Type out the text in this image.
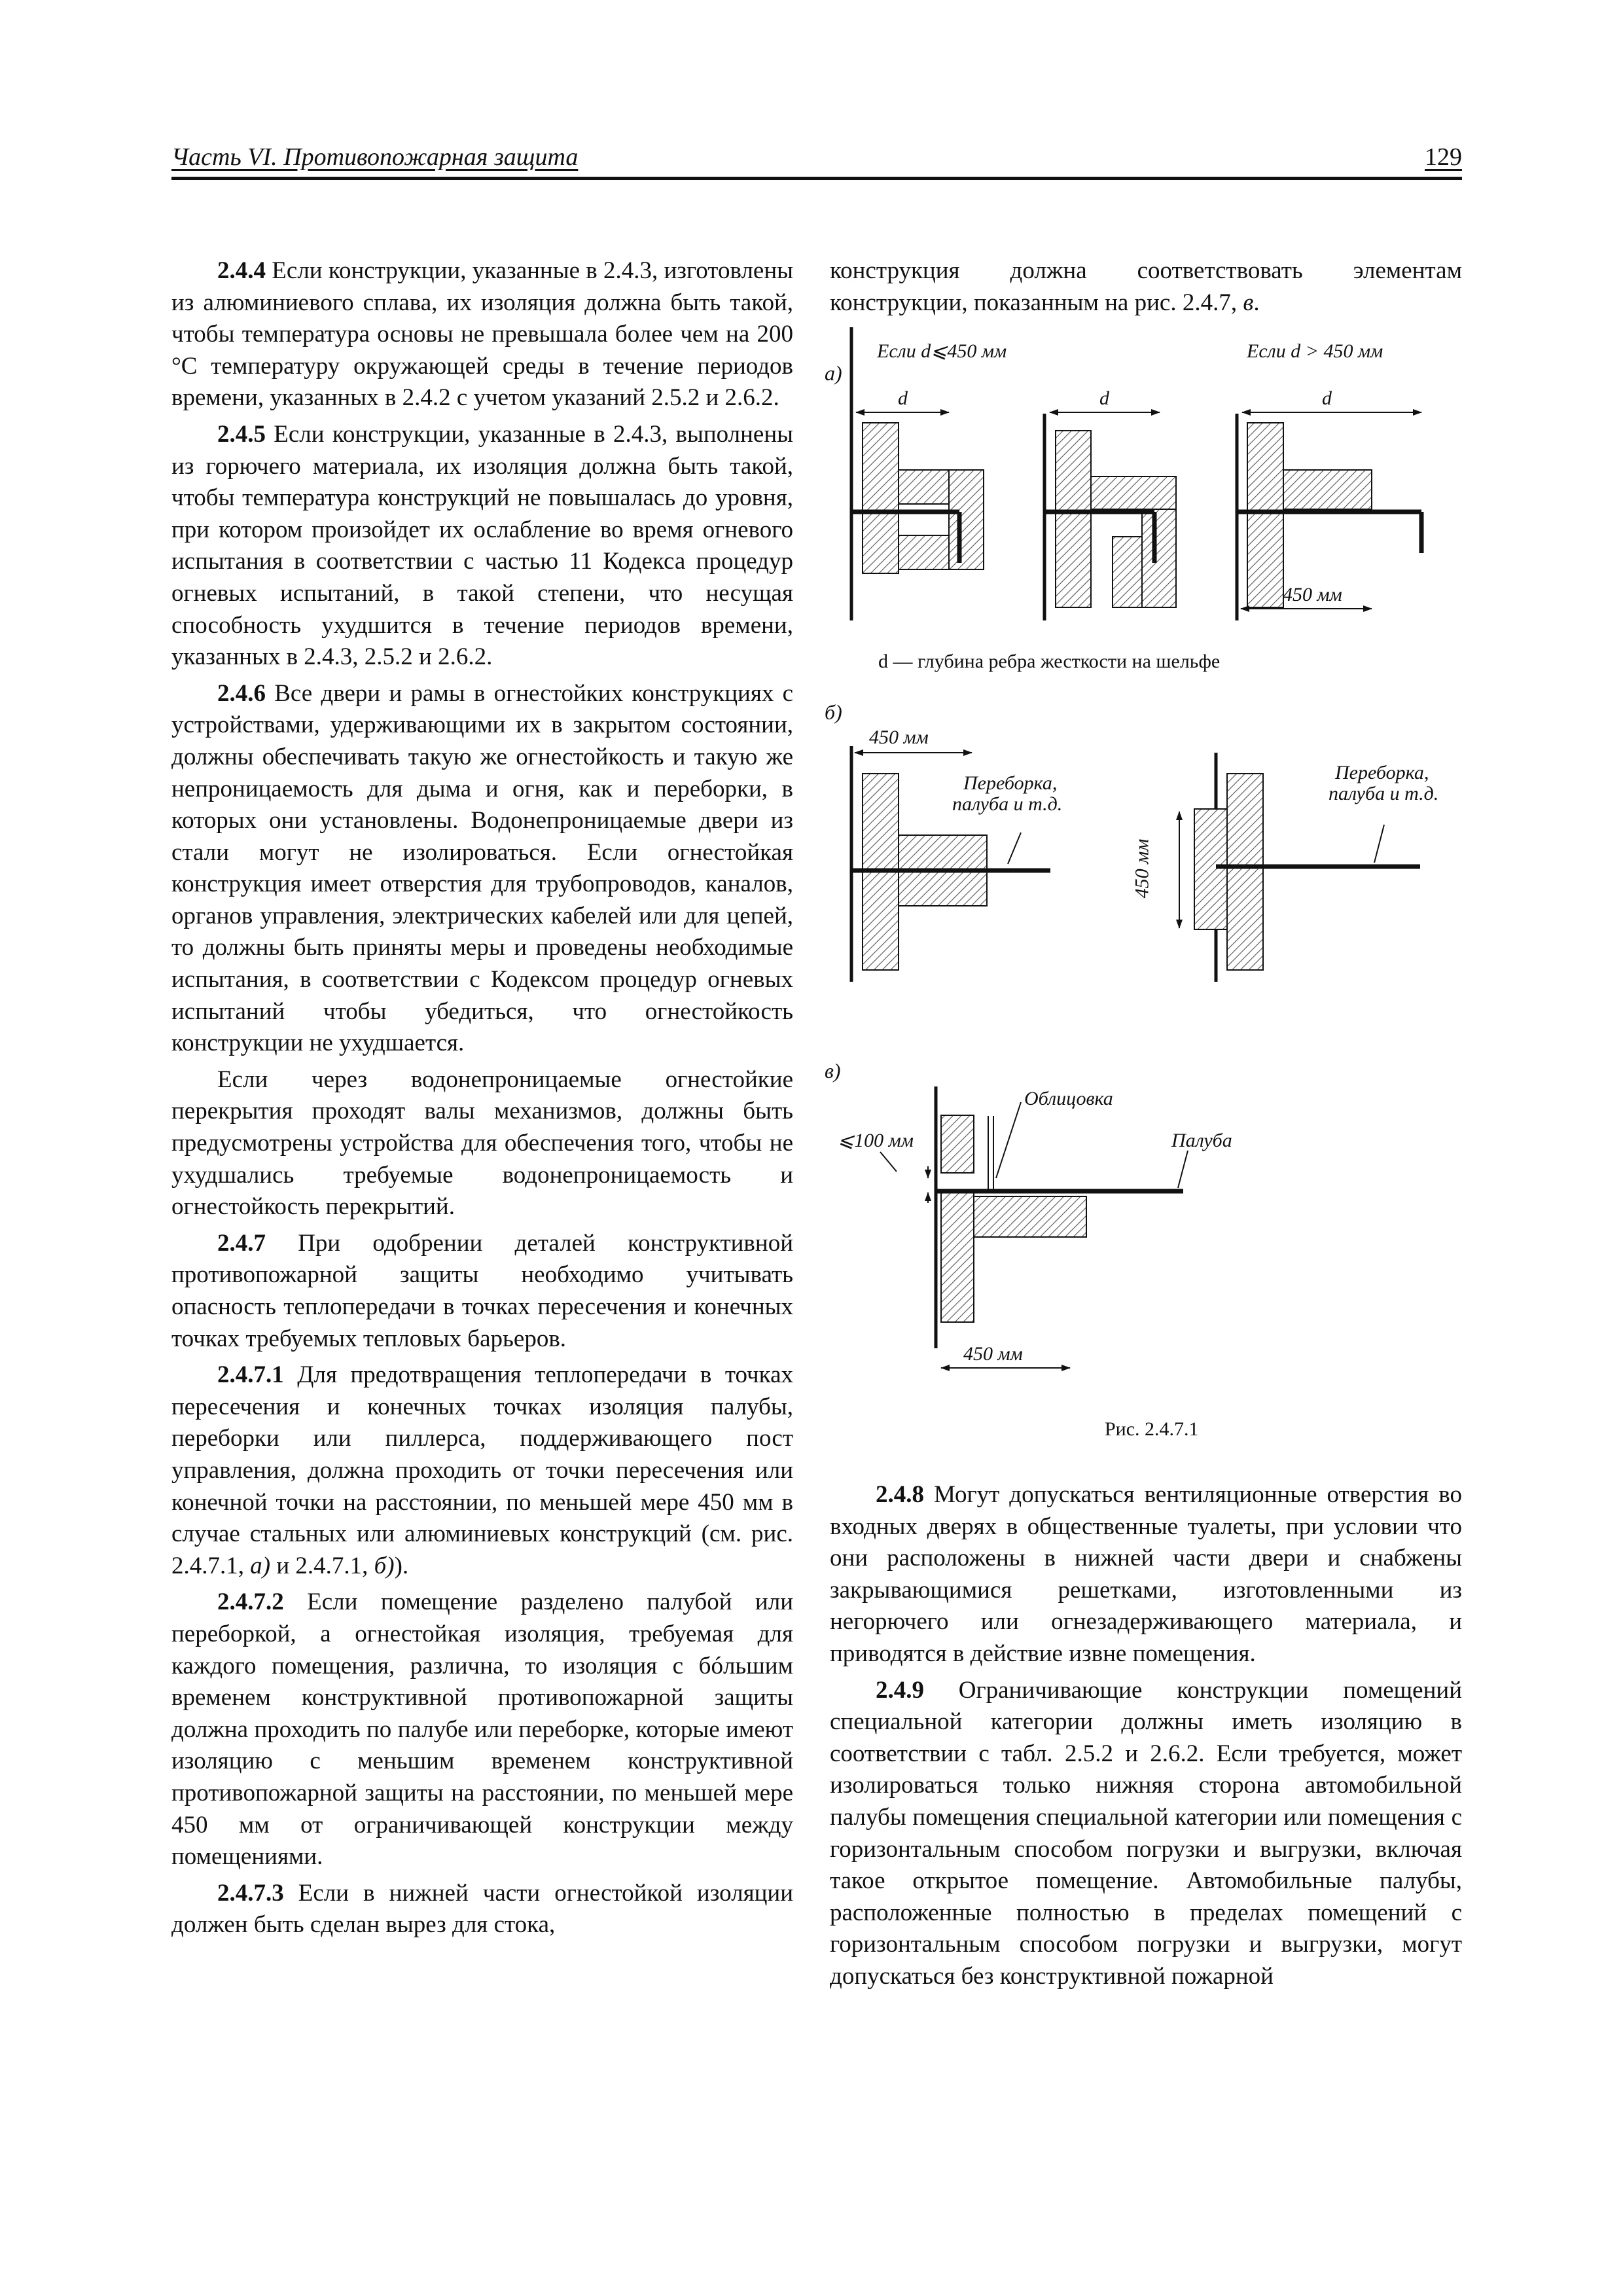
Часть VI. Противопожарная защита	129

2.4.4 Если конструкции, указанные в 2.4.3, изготовлены из алюминиевого сплава, их изоляция должна быть такой, чтобы температура основы не превышала более чем на 200 °С температуру окружающей среды в течение периодов времени, указанных в 2.4.2 с учетом указаний 2.5.2 и 2.6.2.

2.4.5 Если конструкции, указанные в 2.4.3, выполнены из горючего материала, их изоляция должна быть такой, чтобы температура конструкций не повышалась до уровня, при котором произойдет их ослабление во время огневого испытания в соответствии с частью 11 Кодекса процедур огневых испытаний, в такой степени, что несущая способность ухудшится в течение периодов времени, указанных в 2.4.3, 2.5.2 и 2.6.2.

2.4.6 Все двери и рамы в огнестойких конструкциях с устройствами, удерживающими их в закрытом состоянии, должны обеспечивать такую же огнестойкость и такую же непроницаемость для дыма и огня, как и переборки, в которых они установлены. Водонепроницаемые двери из стали могут не изолироваться. Если огнестойкая конструкция имеет отверстия для трубопроводов, каналов, органов управления, электрических кабелей или для цепей, то должны быть приняты меры и проведены необходимые испытания, в соответствии с Кодексом процедур огневых испытаний чтобы убедиться, что огнестойкость конструкции не ухудшается.

Если через водонепроницаемые огнестойкие перекрытия проходят валы механизмов, должны быть предусмотрены устройства для обеспечения того, чтобы не ухудшались требуемые водонепроницаемость и огнестойкость перекрытий.

2.4.7 При одобрении деталей конструктивной противопожарной защиты необходимо учитывать опасность теплопередачи в точках пересечения и конечных точках требуемых тепловых барьеров.

2.4.7.1 Для предотвращения теплопередачи в точках пересечения и конечных точках изоляция палубы, переборки или пиллерса, поддерживающего пост управления, должна проходить от точки пересечения или конечной точки на расстоянии, по меньшей мере 450 мм в случае стальных или алюминиевых конструкций (см. рис. 2.4.7.1, а) и 2.4.7.1, б)).

2.4.7.2 Если помещение разделено палубой или переборкой, а огнестойкая изоляция, требуемая для каждого помещения, различна, то изоляция с бóльшим временем конструктивной противопожарной защиты должна проходить по палубе или переборке, которые имеют изоляцию с меньшим временем конструктивной противопожарной защиты на расстоянии, по меньшей мере 450 мм от ограничивающей конструкции между помещениями.

2.4.7.3 Если в нижней части огнестойкой изоляции должен быть сделан вырез для стока,

конструкция должна соответствовать элементам конструкции, показанным на рис. 2.4.7, в.

а)
Если d⩽450 мм	Если d > 450 мм
d	d	d
450 мм
d — глубина ребра жесткости на шельфе
б)
450 мм
Переборка,
палуба и т.д.
Переборка,
палуба и т.д.
450 мм
в)
Облицовка
⩽100 мм	Палуба
450 мм
Рис. 2.4.7.1

2.4.8 Могут допускаться вентиляционные отверстия во входных дверях в общественные туалеты, при условии что они расположены в нижней части двери и снабжены закрывающимися решетками, изготовленными из негорючего или огнезадерживающего материала, и приводятся в действие извне помещения.

2.4.9 Ограничивающие конструкции помещений специальной категории должны иметь изоляцию в соответствии с табл. 2.5.2 и 2.6.2. Если требуется, может изолироваться только нижняя сторона автомобильной палубы помещения специальной категории или помещения с горизонтальным способом погрузки и выгрузки, включая такое открытое помещение. Автомобильные палубы, расположенные полностью в пределах помещений с горизонтальным способом погрузки и выгрузки, могут допускаться без конструктивной пожарной
